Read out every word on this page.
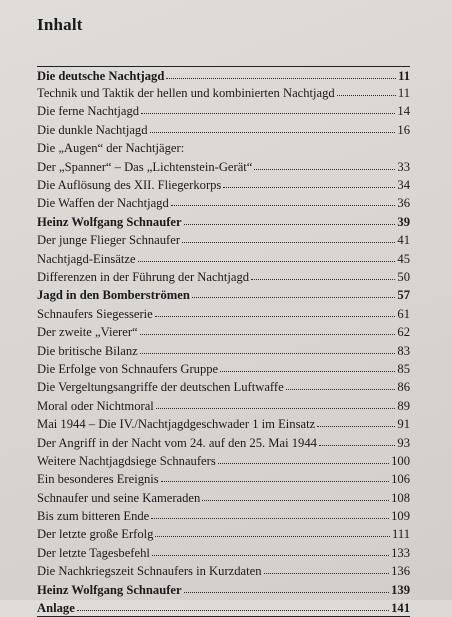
Inhalt
Die deutsche Nachtjagd	11
Technik und Taktik der hellen und kombinierten Nachtjagd	11
Die ferne Nachtjagd	14
Die dunkle Nachtjagd	16
Die „Augen“ der Nachtjäger:
Der „Spanner“ – Das „Lichtenstein-Gerät“	33
Die Auflösung des XII. Fliegerkorps	34
Die Waffen der Nachtjagd	36
Heinz Wolfgang Schnaufer	39
Der junge Flieger Schnaufer	41
Nachtjagd-Einsätze	45
Differenzen in der Führung der Nachtjagd	50
Jagd in den Bomberströmen	57
Schnaufers Siegesserie	61
Der zweite „Vierer“	62
Die britische Bilanz	83
Die Erfolge von Schnaufers Gruppe	85
Die Vergeltungsangriffe der deutschen Luftwaffe	86
Moral oder Nichtmoral	89
Mai 1944 – Die IV./Nachtjagdgeschwader 1 im Einsatz	91
Der Angriff in der Nacht vom 24. auf den 25. Mai 1944	93
Weitere Nachtjagdsiege Schnaufers	100
Ein besonderes Ereignis	106
Schnaufer und seine Kameraden	108
Bis zum bitteren Ende	109
Der letzte große Erfolg	111
Der letzte Tagesbefehl	133
Die Nachkriegszeit Schnaufers in Kurzdaten	136
Heinz Wolfgang Schnaufer	139
Anlage	141
